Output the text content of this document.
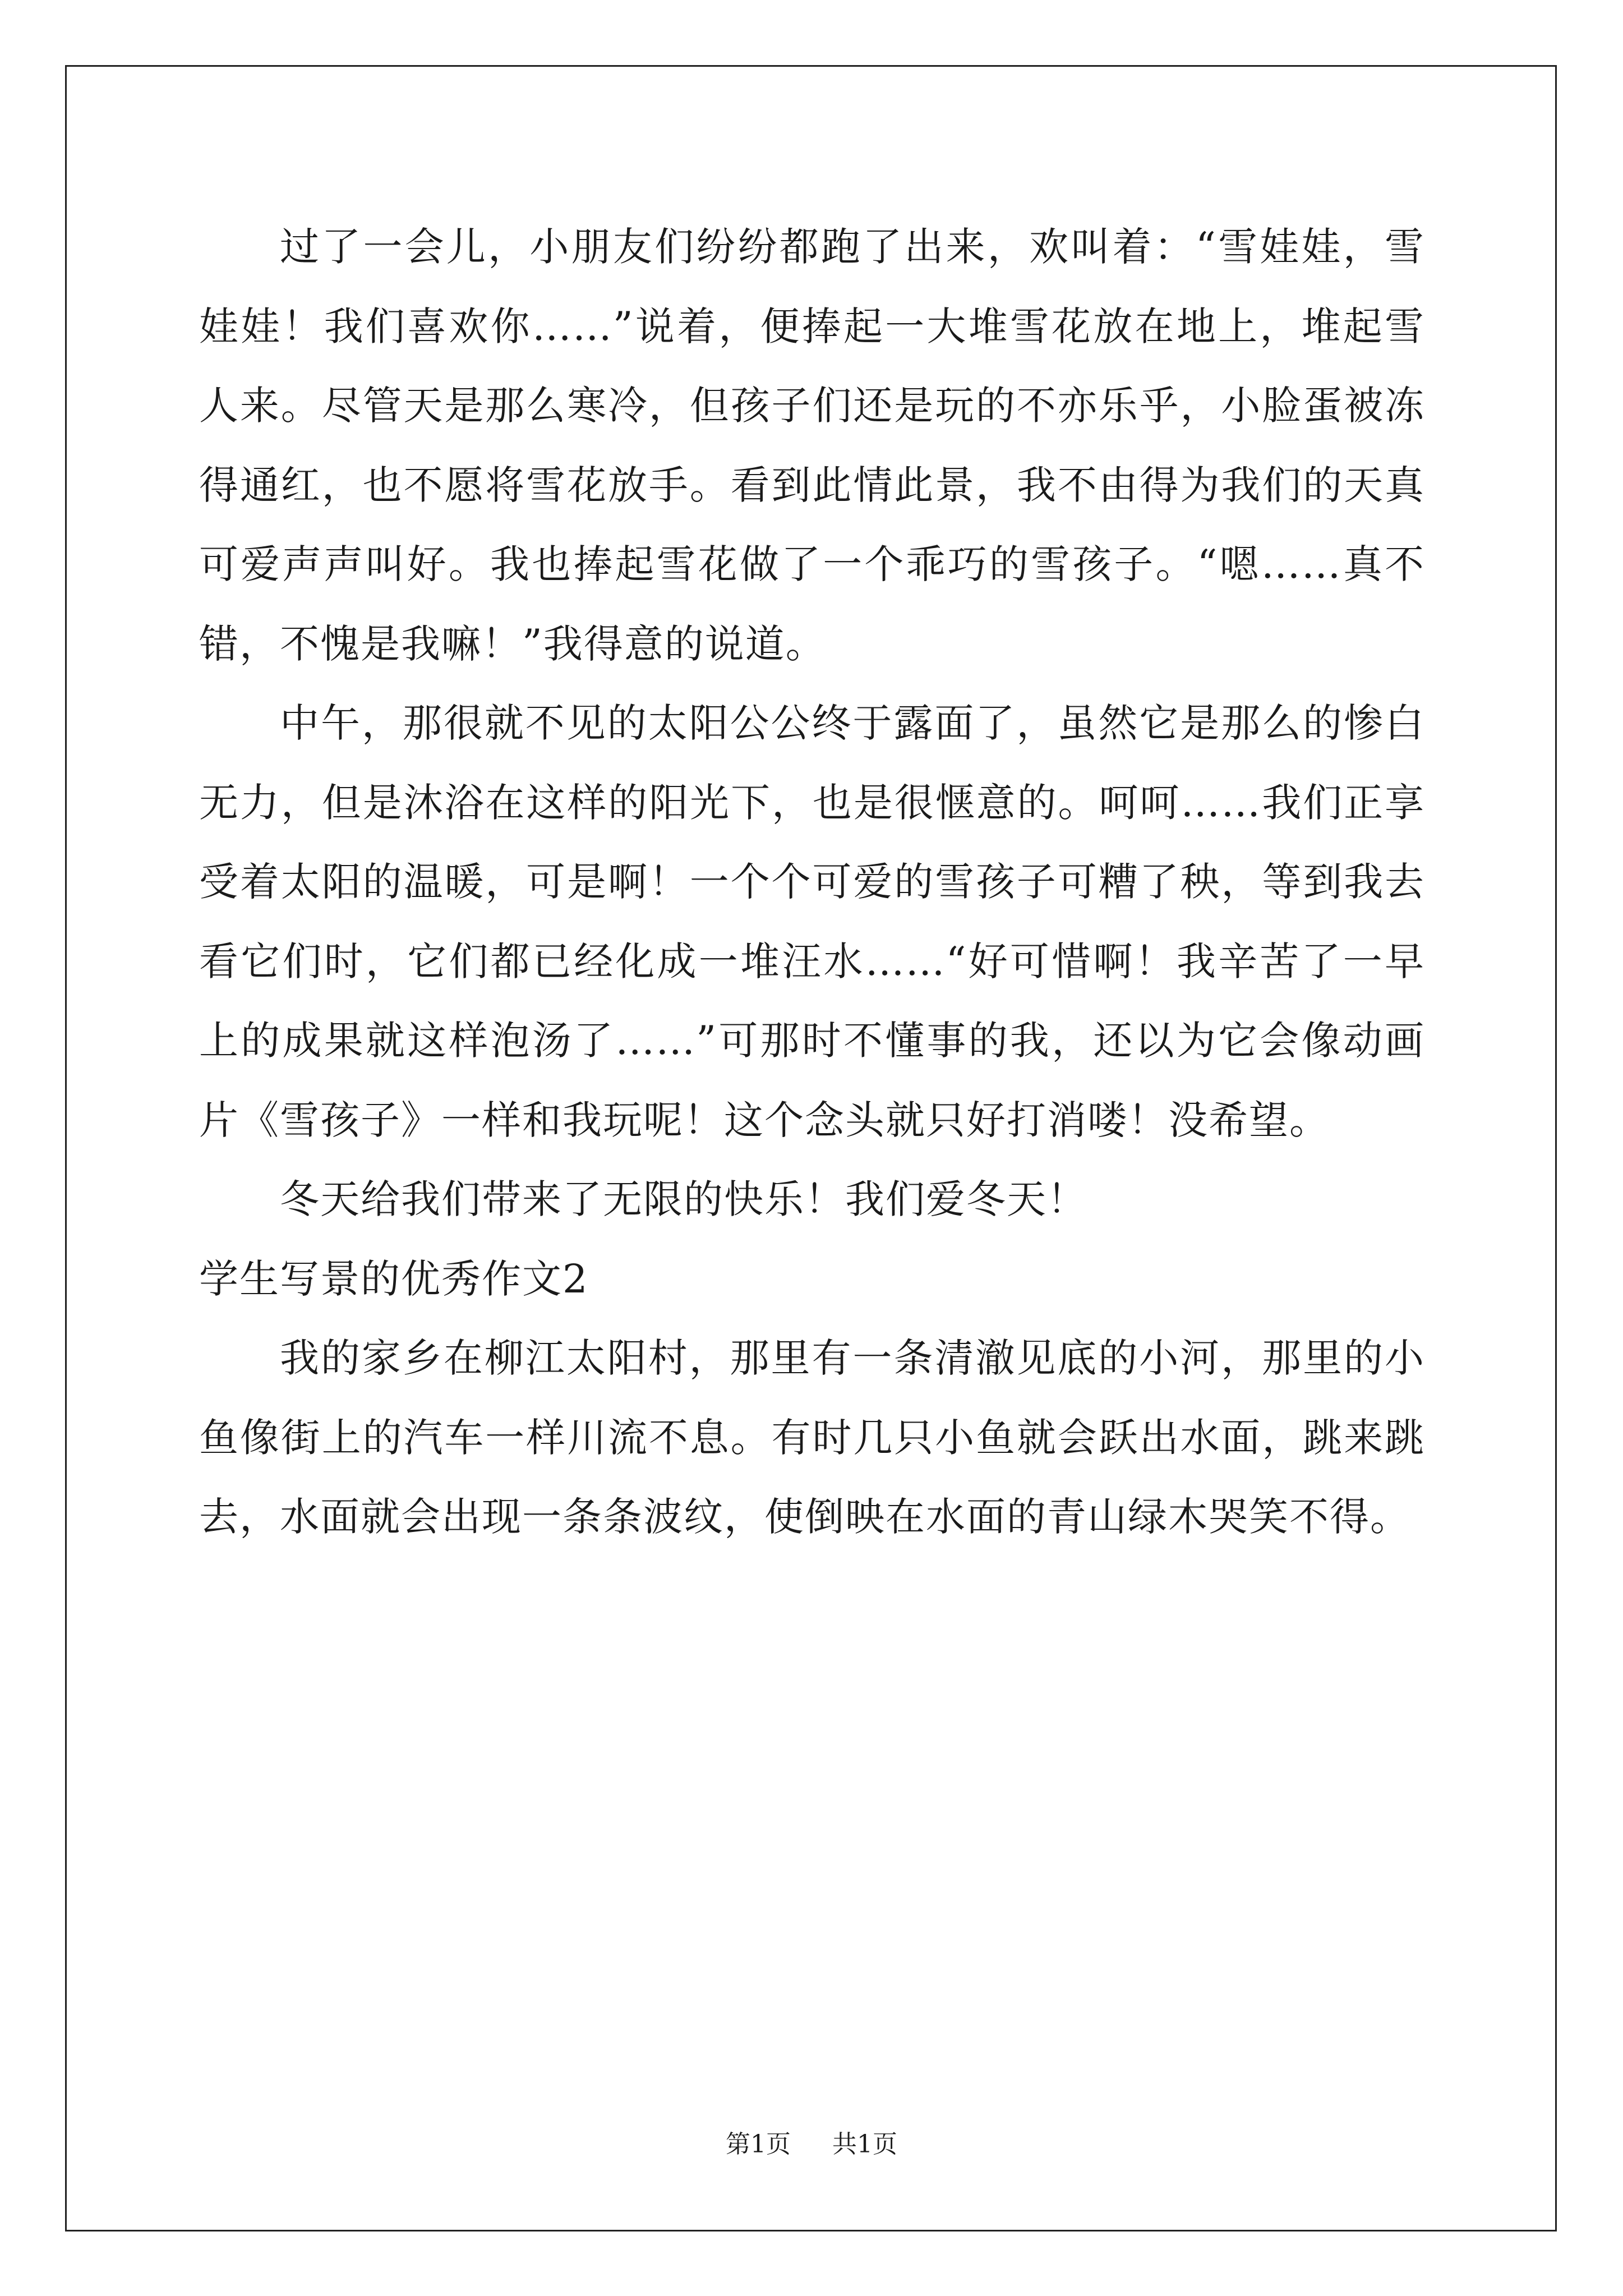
过了一会儿，小朋友们纷纷都跑了出来，欢叫着：“雪娃娃，雪娃娃！我们喜欢你……”说着，便捧起一大堆雪花放在地上，堆起雪人来。尽管天是那么寒冷，但孩子们还是玩的不亦乐乎，小脸蛋被冻得通红，也不愿将雪花放手。看到此情此景，我不由得为我们的天真可爱声声叫好。我也捧起雪花做了一个乖巧的雪孩子。“嗯……真不错，不愧是我嘛！”我得意的说道。

中午，那很就不见的太阳公公终于露面了，虽然它是那么的惨白无力，但是沐浴在这样的阳光下，也是很惬意的。呵呵……我们正享受着太阳的温暖，可是啊！一个个可爱的雪孩子可糟了秧，等到我去看它们时，它们都已经化成一堆汪水……“好可惜啊！我辛苦了一早上的成果就这样泡汤了……”可那时不懂事的我，还以为它会像动画片《雪孩子》一样和我玩呢！这个念头就只好打消喽！没希望。

冬天给我们带来了无限的快乐！我们爱冬天！

学生写景的优秀作文2

我的家乡在柳江太阳村，那里有一条清澈见底的小河，那里的小鱼像街上的汽车一样川流不息。有时几只小鱼就会跃出水面，跳来跳去，水面就会出现一条条波纹，使倒映在水面的青山绿木哭笑不得。

第1页 共1页
